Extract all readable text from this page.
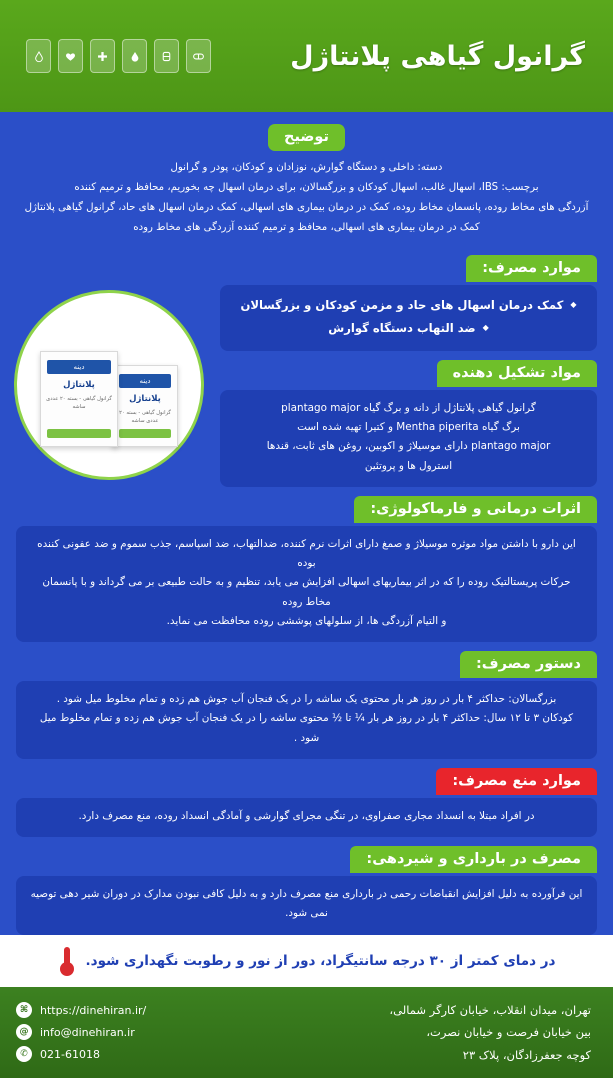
گرانول گیاهی پلانتاژل
توضیح
دسته: داخلی و دستگاه گوارش، نوزادان و کودکان، پودر و گرانول
برچسب: IBS، اسهال غالب، اسهال کودکان و بزرگسالان، برای درمان اسهال چه بخوریم، محافظ و ترمیم کننده
آزردگی های مخاط روده، پانسمان مخاط روده، کمک در درمان بیماری های اسهالی، کمک درمان اسهال های حاد، گرانول گیاهی پلانتاژل
کمک در درمان بیماری های اسهالی، محافظ و ترمیم کننده آزردگی های مخاط روده
دینه
پلانتاژل
گرانول گیاهی - بسته ۲۰ عددی ساشه
دینه
پلانتاژل
گرانول گیاهی - بسته ۲۰ عددی ساشه
موارد مصرف:
◆ کمک درمان اسهال های حاد و مزمن کودکان و بزرگسالان
◆ ضد التهاب دستگاه گوارش
مواد تشکیل دهنده
گرانول گیاهی پلانتاژل از دانه و برگ گیاه plantago major
برگ گیاه Mentha piperita و کتیرا تهیه شده است
plantago major دارای موسیلاژ و اکوبین، روغن های ثابت، قندها
استرول ها و پروتئین
اثرات درمانی و فارماکولوژی:
این دارو با داشتن مواد موثره موسیلاژ و صمغ دارای اثرات نرم کننده، ضدالتهاب، ضد اسپاسم، جذب سموم و ضد عفونی کننده بوده
حرکات پریستالتیک روده را که در اثر بیماریهای اسهالی افزایش می یابد، تنظیم و به حالت طبیعی بر می گرداند و با پانسمان مخاط روده
و التیام آزردگی ها، از سلولهای پوششی روده محافظت می نماید.
دستور مصرف:
بزرگسالان: حداکثر ۴ بار در روز هر بار محتوی یک ساشه را در یک فنجان آب جوش هم زده و تمام مخلوط میل شود .
کودکان ۳ تا ۱۲ سال: حداکثر ۴ بار در روز هر بار ¼ تا ½ محتوی ساشه را در یک فنجان آب جوش هم زده و تمام مخلوط میل شود .
موارد منع مصرف:
در افراد مبتلا به انسداد مجاری صفراوی، در تنگی مجرای گوارشی و آمادگی انسداد روده، منع مصرف دارد.
مصرف در بارداری و شیردهی:
این فرآورده به دلیل افزایش انقباضات رحمی در بارداری منع مصرف دارد و به دلیل کافی نبودن مدارک در دوران شیر دهی توصیه نمی شود.
در دمای کمتر از ۳۰ درجه سانتیگراد، دور از نور و رطوبت نگهداری شود.
تهران، میدان انقلاب، خیابان کارگر شمالی،
بین خیابان فرصت و خیابان نصرت،
کوچه جعفرزادگان، پلاک ۲۳
⌘	https://dinehiran.ir/
@	info@dinehiran.ir
✆	021-61018
